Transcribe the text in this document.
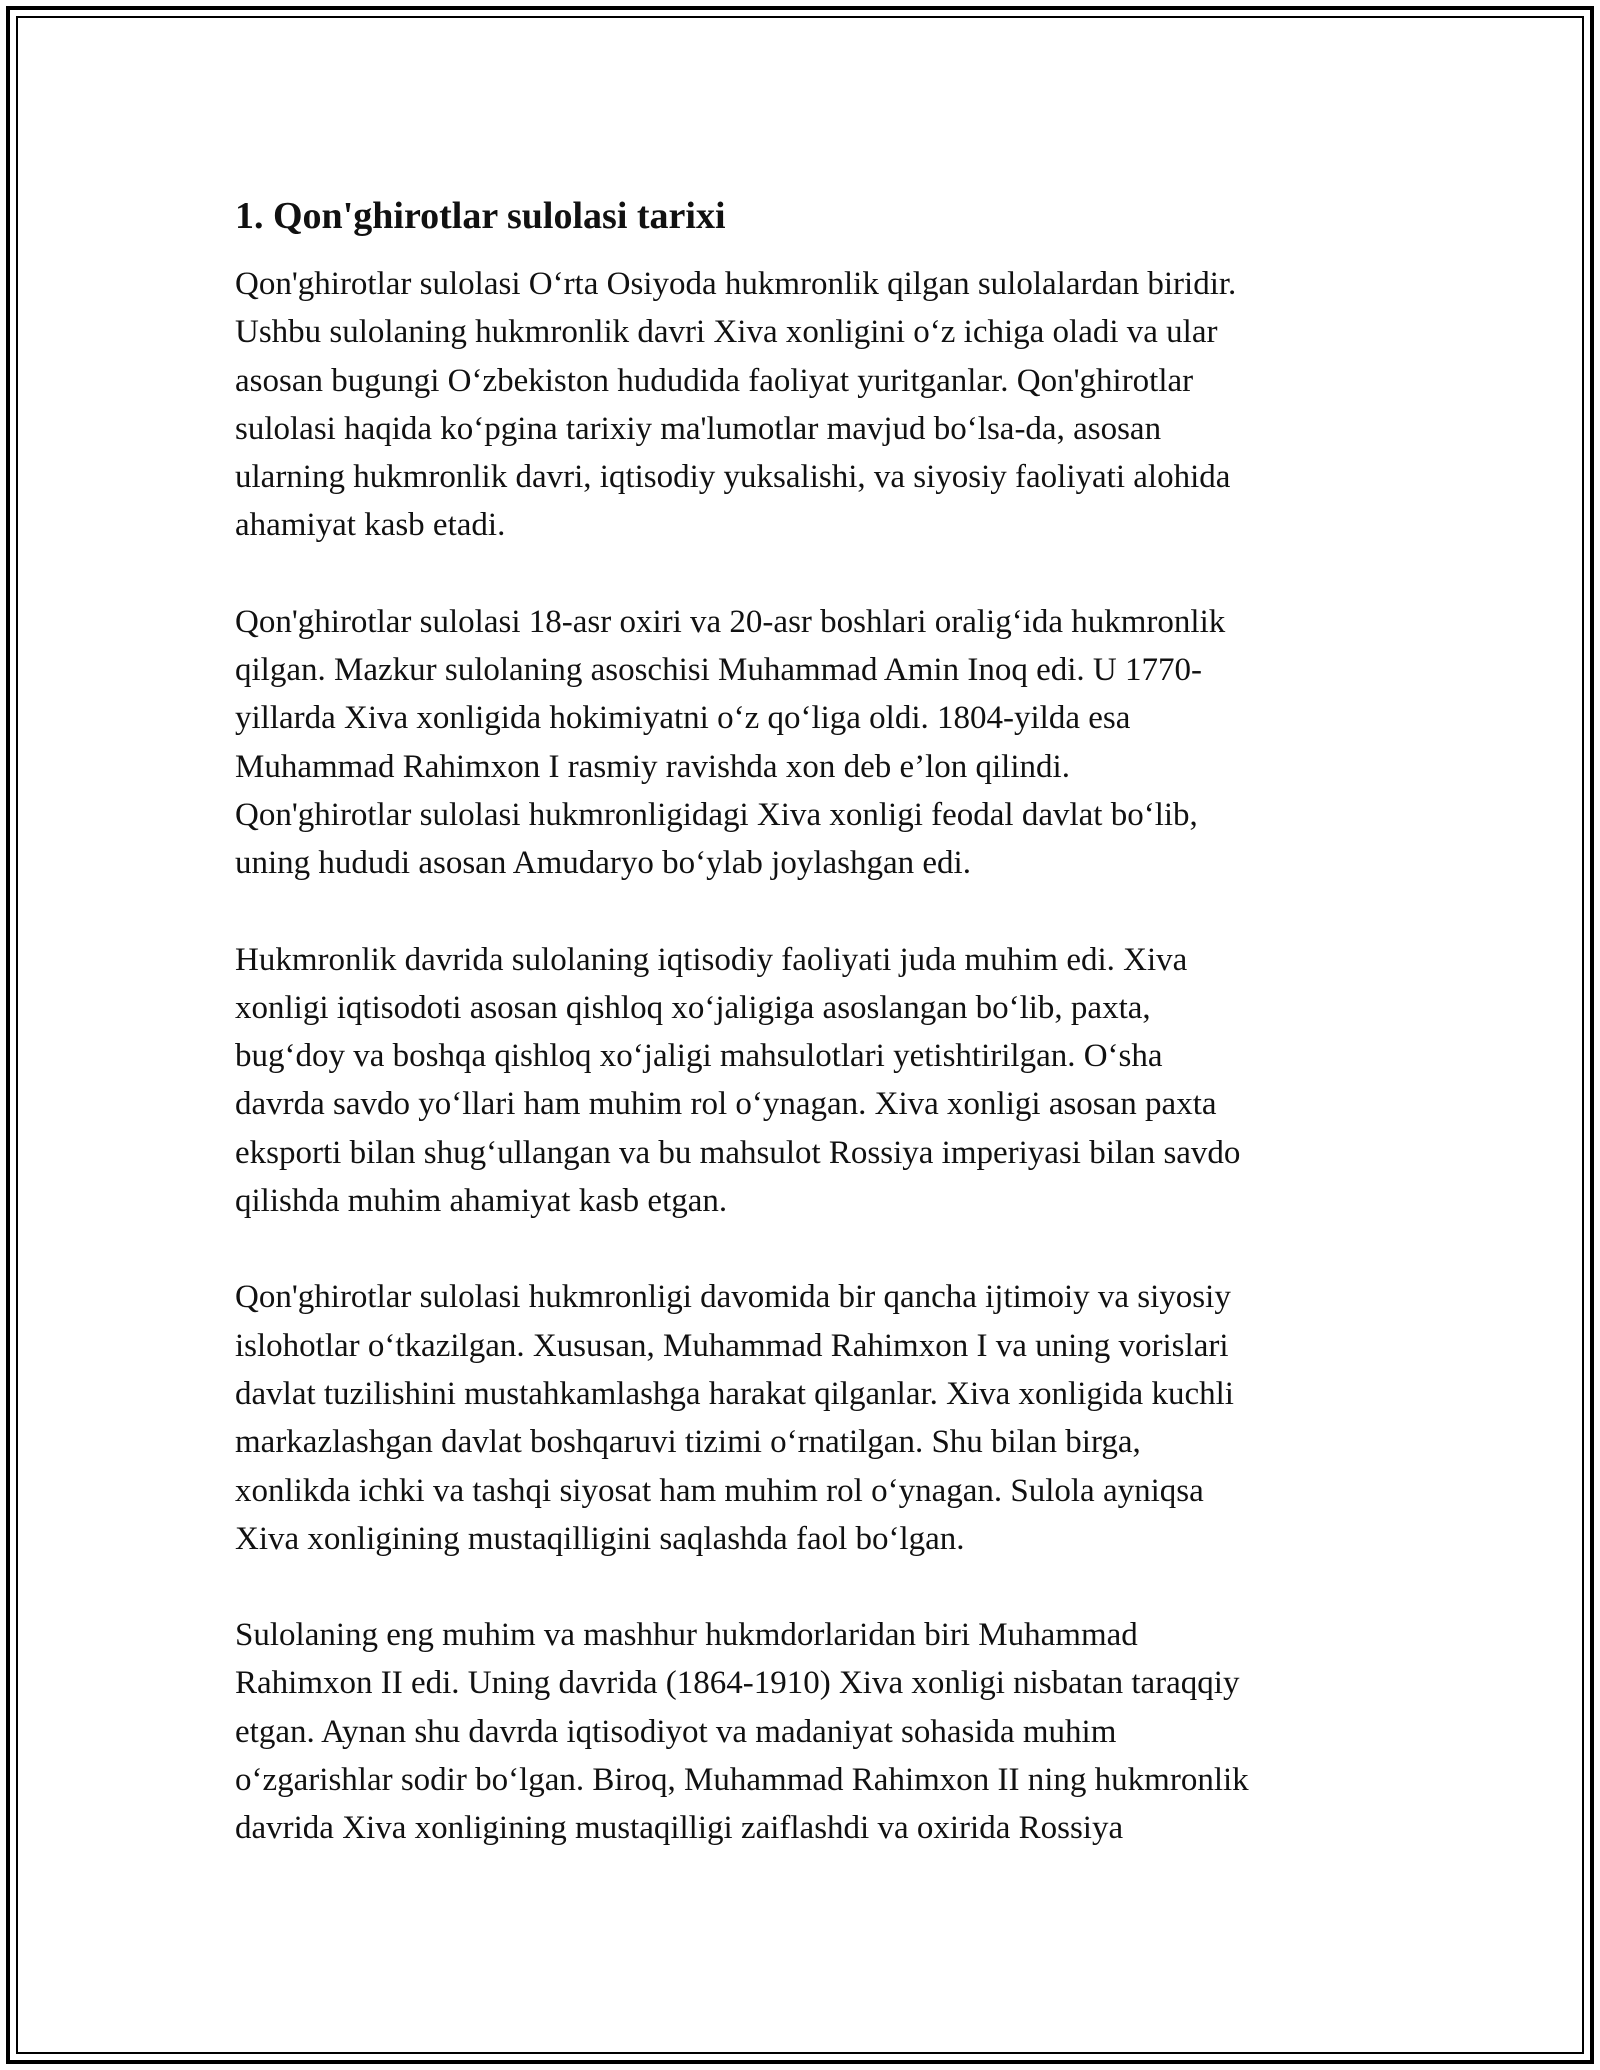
1. Qon'ghirotlar sulolasi tarixi
Qon'ghirotlar sulolasi O‘rta Osiyoda hukmronlik qilgan sulolalardan biridir.
Ushbu sulolaning hukmronlik davri Xiva xonligini o‘z ichiga oladi va ular
asosan bugungi O‘zbekiston hududida faoliyat yuritganlar. Qon'ghirotlar
sulolasi haqida ko‘pgina tarixiy ma'lumotlar mavjud bo‘lsa-da, asosan
ularning hukmronlik davri, iqtisodiy yuksalishi, va siyosiy faoliyati alohida
ahamiyat kasb etadi.
Qon'ghirotlar sulolasi 18-asr oxiri va 20-asr boshlari oralig‘ida hukmronlik
qilgan. Mazkur sulolaning asoschisi Muhammad Amin Inoq edi. U 1770-
yillarda Xiva xonligida hokimiyatni o‘z qo‘liga oldi. 1804-yilda esa
Muhammad Rahimxon I rasmiy ravishda xon deb e’lon qilindi.
Qon'ghirotlar sulolasi hukmronligidagi Xiva xonligi feodal davlat bo‘lib,
uning hududi asosan Amudaryo bo‘ylab joylashgan edi.
Hukmronlik davrida sulolaning iqtisodiy faoliyati juda muhim edi. Xiva
xonligi iqtisodoti asosan qishloq xo‘jaligiga asoslangan bo‘lib, paxta,
bug‘doy va boshqa qishloq xo‘jaligi mahsulotlari yetishtirilgan. O‘sha
davrda savdo yo‘llari ham muhim rol o‘ynagan. Xiva xonligi asosan paxta
eksporti bilan shug‘ullangan va bu mahsulot Rossiya imperiyasi bilan savdo
qilishda muhim ahamiyat kasb etgan.
Qon'ghirotlar sulolasi hukmronligi davomida bir qancha ijtimoiy va siyosiy
islohotlar o‘tkazilgan. Xususan, Muhammad Rahimxon I va uning vorislari
davlat tuzilishini mustahkamlashga harakat qilganlar. Xiva xonligida kuchli
markazlashgan davlat boshqaruvi tizimi o‘rnatilgan. Shu bilan birga,
xonlikda ichki va tashqi siyosat ham muhim rol o‘ynagan. Sulola ayniqsa
Xiva xonligining mustaqilligini saqlashda faol bo‘lgan.
Sulolaning eng muhim va mashhur hukmdorlaridan biri Muhammad
Rahimxon II edi. Uning davrida (1864-1910) Xiva xonligi nisbatan taraqqiy
etgan. Aynan shu davrda iqtisodiyot va madaniyat sohasida muhim
o‘zgarishlar sodir bo‘lgan. Biroq, Muhammad Rahimxon II ning hukmronlik
davrida Xiva xonligining mustaqilligi zaiflashdi va oxirida Rossiya
